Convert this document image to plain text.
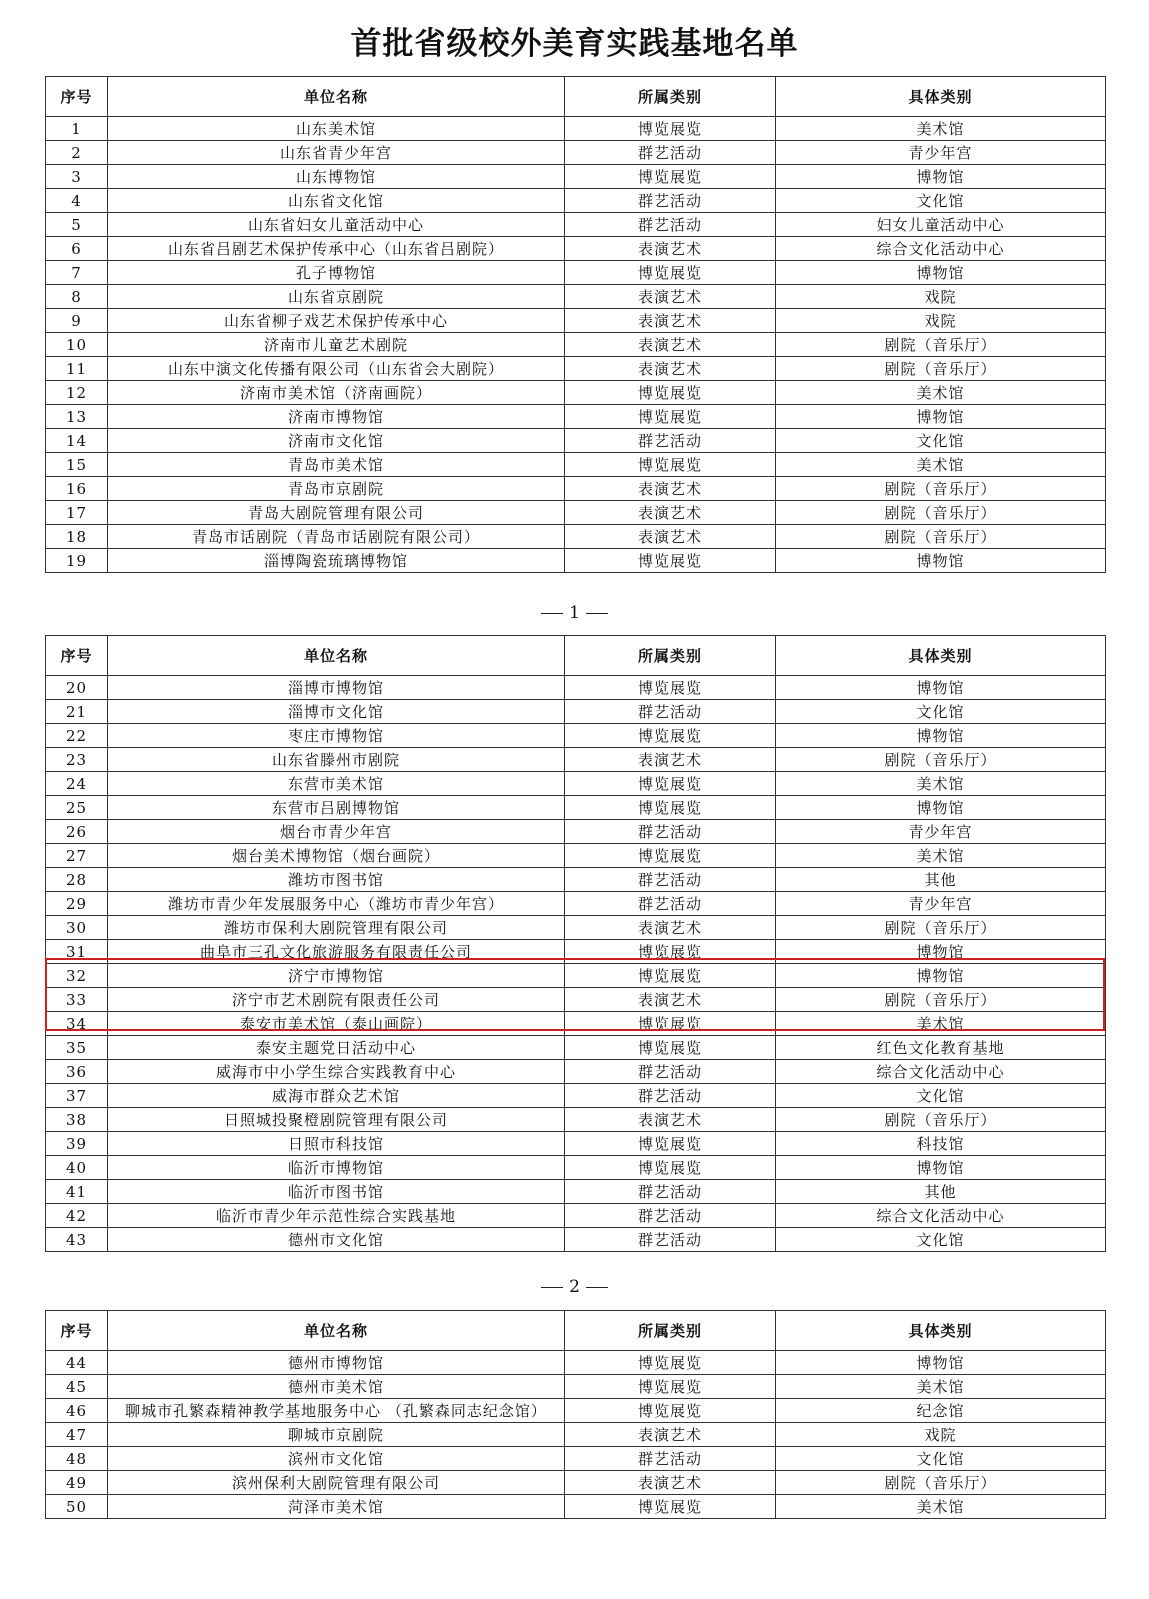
首批省级校外美育实践基地名单
序号	单位名称	所属类别	具体类别
1	山东美术馆	博览展览	美术馆
2	山东省青少年宫	群艺活动	青少年宫
3	山东博物馆	博览展览	博物馆
4	山东省文化馆	群艺活动	文化馆
5	山东省妇女儿童活动中心	群艺活动	妇女儿童活动中心
6	山东省吕剧艺术保护传承中心（山东省吕剧院）	表演艺术	综合文化活动中心
7	孔子博物馆	博览展览	博物馆
8	山东省京剧院	表演艺术	戏院
9	山东省柳子戏艺术保护传承中心	表演艺术	戏院
10	济南市儿童艺术剧院	表演艺术	剧院（音乐厅）
11	山东中演文化传播有限公司（山东省会大剧院）	表演艺术	剧院（音乐厅）
12	济南市美术馆（济南画院）	博览展览	美术馆
13	济南市博物馆	博览展览	博物馆
14	济南市文化馆	群艺活动	文化馆
15	青岛市美术馆	博览展览	美术馆
16	青岛市京剧院	表演艺术	剧院（音乐厅）
17	青岛大剧院管理有限公司	表演艺术	剧院（音乐厅）
18	青岛市话剧院（青岛市话剧院有限公司）	表演艺术	剧院（音乐厅）
19	淄博陶瓷琉璃博物馆	博览展览	博物馆
1
序号	单位名称	所属类别	具体类别
20	淄博市博物馆	博览展览	博物馆
21	淄博市文化馆	群艺活动	文化馆
22	枣庄市博物馆	博览展览	博物馆
23	山东省滕州市剧院	表演艺术	剧院（音乐厅）
24	东营市美术馆	博览展览	美术馆
25	东营市吕剧博物馆	博览展览	博物馆
26	烟台市青少年宫	群艺活动	青少年宫
27	烟台美术博物馆（烟台画院）	博览展览	美术馆
28	潍坊市图书馆	群艺活动	其他
29	潍坊市青少年发展服务中心（潍坊市青少年宫）	群艺活动	青少年宫
30	潍坊市保利大剧院管理有限公司	表演艺术	剧院（音乐厅）
31	曲阜市三孔文化旅游服务有限责任公司	博览展览	博物馆
32	济宁市博物馆	博览展览	博物馆
33	济宁市艺术剧院有限责任公司	表演艺术	剧院（音乐厅）
34	泰安市美术馆（泰山画院）	博览展览	美术馆
35	泰安主题党日活动中心	博览展览	红色文化教育基地
36	威海市中小学生综合实践教育中心	群艺活动	综合文化活动中心
37	威海市群众艺术馆	群艺活动	文化馆
38	日照城投聚橙剧院管理有限公司	表演艺术	剧院（音乐厅）
39	日照市科技馆	博览展览	科技馆
40	临沂市博物馆	博览展览	博物馆
41	临沂市图书馆	群艺活动	其他
42	临沂市青少年示范性综合实践基地	群艺活动	综合文化活动中心
43	德州市文化馆	群艺活动	文化馆
2
序号	单位名称	所属类别	具体类别
44	德州市博物馆	博览展览	博物馆
45	德州市美术馆	博览展览	美术馆
46	聊城市孔繁森精神教学基地服务中心 （孔繁森同志纪念馆）	博览展览	纪念馆
47	聊城市京剧院	表演艺术	戏院
48	滨州市文化馆	群艺活动	文化馆
49	滨州保利大剧院管理有限公司	表演艺术	剧院（音乐厅）
50	菏泽市美术馆	博览展览	美术馆
